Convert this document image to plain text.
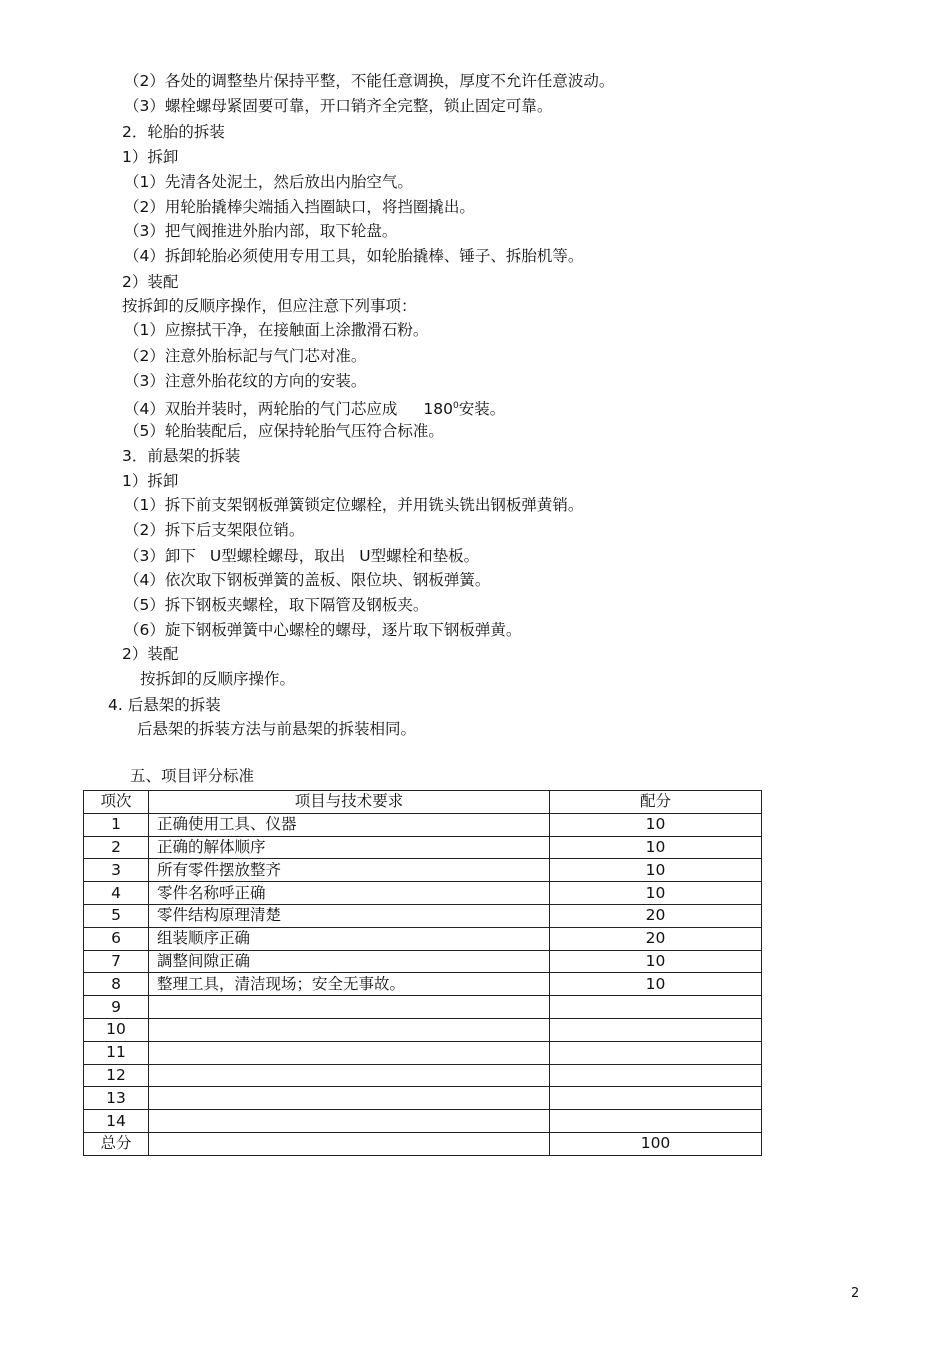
（2）各处的调整垫片保持平整，不能任意调换，厚度不允许任意波动。
（3）螺栓螺母紧固要可靠，开口销齐全完整，锁止固定可靠。
2．轮胎的拆装
1）拆卸
（1）先清各处泥土，然后放出内胎空气。
（2）用轮胎撬棒尖端插入挡圈缺口，将挡圈撬出。
（3）把气阀推进外胎内部，取下轮盘。
（4）拆卸轮胎必须使用专用工具，如轮胎撬棒、锤子、拆胎机等。
2）装配
按拆卸的反顺序操作，但应注意下列事项：
（1）应擦拭干净，在接触面上涂撒滑石粉。
（2）注意外胎标記与气门芯对准。
（3）注意外胎花纹的方向的安装。
（4）双胎并装时，两轮胎的气门芯应成 $180^0$安装。
（5）轮胎装配后，应保持轮胎气压符合标准。
3．前悬架的拆装
1）拆卸
（1）拆下前支架钢板弹簧锁定位螺栓，并用铣头铣出钢板弹黄销。
（2）拆下后支架限位销。
（3）卸下 U型螺栓螺母，取出 U型螺栓和垫板。
（4）依次取下钢板弹簧的盖板、限位块、钢板弹簧。
（5）拆下钢板夹螺栓，取下隔管及钢板夹。
（6）旋下钢板弹簧中心螺栓的螺母，逐片取下钢板弹黄。
2）装配
按拆卸的反顺序操作。
4. 后悬架的拆装
后悬架的拆装方法与前悬架的拆装相同。
五、项目评分标准
项次	项目与技术要求	配分
1	正确使用工具、仪器	10
2	正确的解体顺序	10
3	所有零件摆放整齐	10
4	零件名称呼正确	10
5	零件结构原理清楚	20
6	组装顺序正确	20
7	調整间隙正确	10
8	整理工具，清洁现场；安全无事故。	10
9		
10		
11		
12		
13		
14		
总分		100
2
